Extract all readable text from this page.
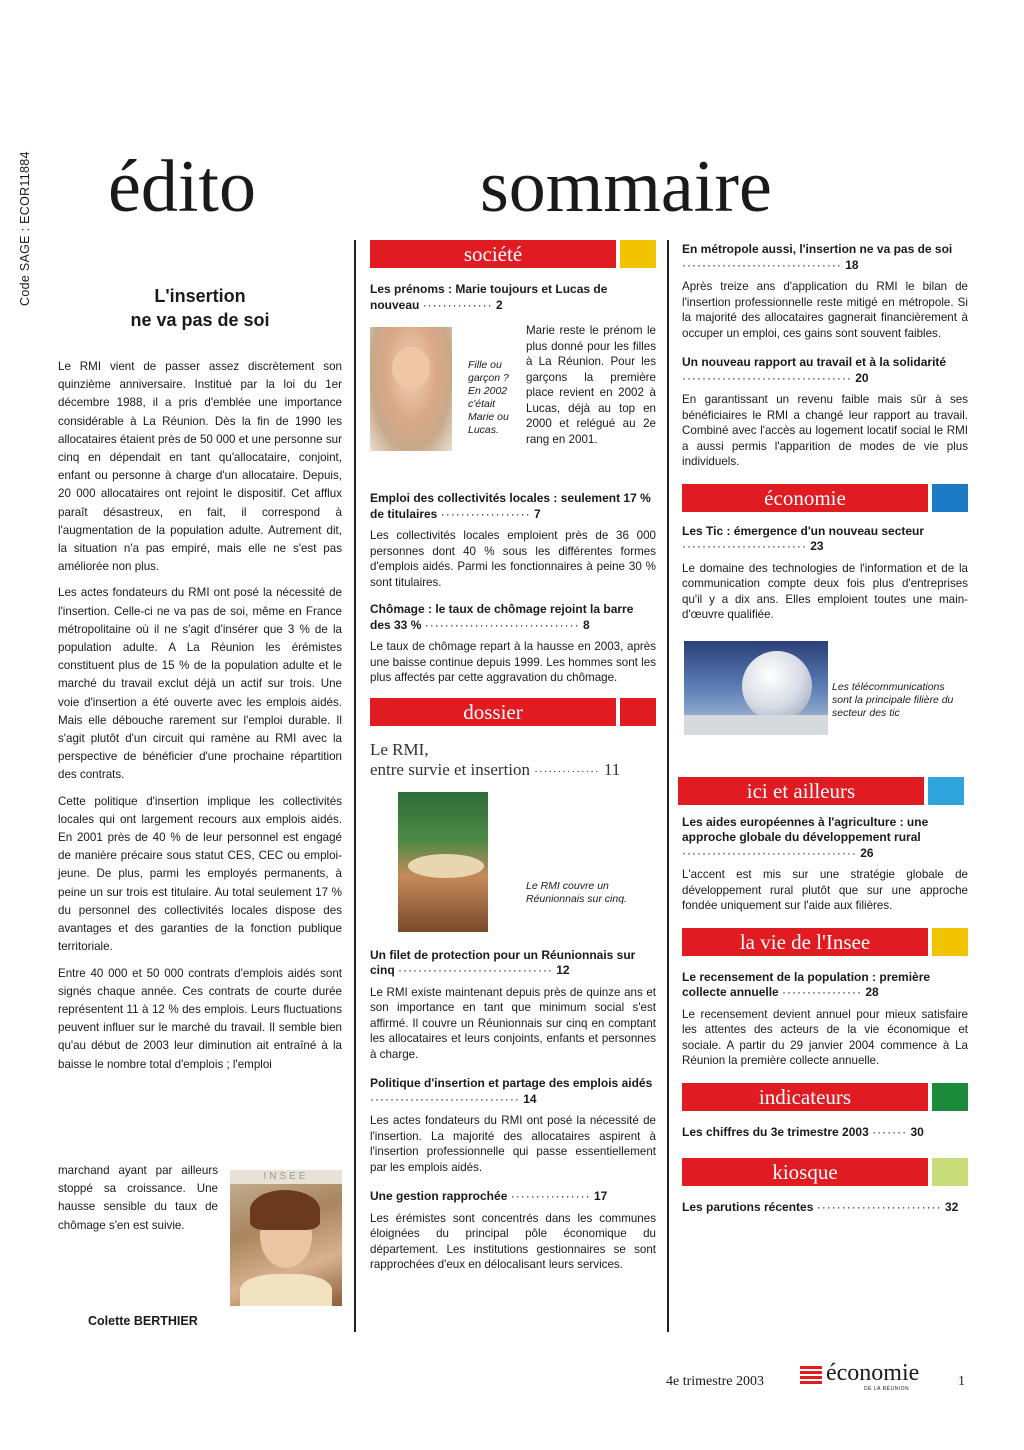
Code SAGE : ECOR11884 édito	sommaire

L'insertion

ne va pas de soi

Le RMI vient de passer assez discrètement son quinzième anniversaire. Institué par la loi du 1er décembre 1988, il a pris d'emblée une importance considérable à La Réunion. Dès la fin de 1990 les allocataires étaient près de 50 000 et une personne sur cinq en dépendait en tant qu'allocataire, conjoint, enfant ou personne à charge d'un allocataire. Depuis, 20 000 allocataires ont rejoint le dispositif. Cet afflux paraît désastreux, en fait, il correspond à l'augmentation de la population adulte. Autrement dit, la situation n'a pas empiré, mais elle ne s'est pas améliorée non plus.

Les actes fondateurs du RMI ont posé la nécessité de l'insertion. Celle-ci ne va pas de soi, même en France métropolitaine où il ne s'agit d'insérer que 3 % de la population adulte. A La Réunion les érémistes constituent plus de 15 % de la population adulte et le marché du travail exclut déjà un actif sur trois. Une voie d'insertion a été ouverte avec les emplois aidés. Mais elle débouche rarement sur l'emploi durable. Il s'agit plutôt d'un circuit qui ramène au RMI avec la perspective de bénéficier d'une prochaine répartition des contrats.

Cette politique d'insertion implique les collectivités locales qui ont largement recours aux emplois aidés. En 2001 près de 40 % de leur personnel est engagé de manière précaire sous statut CES, CEC ou emploi-jeune. De plus, parmi les employés permanents, à peine un sur trois est titulaire. Au total seulement 17 % du personnel des collectivités locales dispose des avantages et des garanties de la fonction publique territoriale.

Entre 40 000 et 50 000 contrats d'emplois aidés sont signés chaque année. Ces contrats de courte durée représentent 11 à 12 % des emplois. Leurs fluctuations peuvent influer sur le marché du travail. Il semble bien qu'au début de 2003 leur diminution ait entraîné à la baisse le nombre total d'emplois ; l'emploi

marchand ayant par ailleurs stoppé sa croissance. Une hausse sensible du taux de chômage s'en est suivie.

INSEE
Colette BERTHIER
société

Les prénoms : Marie toujours et Lucas de nouveau ·············· 2

Fille ou garçon ? En 2002 c'était Marie ou Lucas.

Marie reste le prénom le plus donné pour les filles à La Réunion. Pour les garçons la première place revient en 2002 à Lucas, déjà au top en 2000 et relégué au 2e rang en 2001.

Emploi des collectivités locales : seulement 17 % de titulaires ·················· 7

Les collectivités locales emploient près de 36 000 personnes dont 40 % sous les différentes formes d'emplois aidés. Parmi les fonctionnaires à peine 30 % sont titulaires.

Chômage : le taux de chômage rejoint la barre des 33 % ······························· 8

Le taux de chômage repart à la hausse en 2003, après une baisse continue depuis 1999. Les hommes sont les plus affectés par cette aggravation du chômage.

dossier
Le RMI,
entre survie et insertion ·············· 11

Le RMI couvre un Réunionnais sur cinq.

Un filet de protection pour un Réunionnais sur cinq ······························· 12

Le RMI existe maintenant depuis près de quinze ans et son importance en tant que minimum social s'est affirmé. Il couvre un Réunionnais sur cinq en comptant les allocataires et leurs conjoints, enfants et personnes à charge.

Politique d'insertion et partage des emplois aidés ······························ 14

Les actes fondateurs du RMI ont posé la nécessité de l'insertion. La majorité des allocataires aspirent à l'insertion professionnelle qui passe essentiellement par les emplois aidés.

Une gestion rapprochée ················ 17

Les érémistes sont concentrés dans les communes éloignées du principal pôle économique du département. Les institutions gestionnaires se sont rapprochées d'eux en délocalisant leurs services.

En métropole aussi, l'insertion ne va pas de soi ································ 18

Après treize ans d'application du RMI le bilan de l'insertion professionnelle reste mitigé en métropole. Si la majorité des allocataires gagnerait financièrement à occuper un emploi, ces gains sont souvent faibles.

Un nouveau rapport au travail et à la solidarité ·································· 20

En garantissant un revenu faible mais sûr à ses bénéficiaires le RMI a changé leur rapport au travail. Combiné avec l'accès au logement locatif social le RMI a aussi permis l'apparition de modes de vie plus individuels.

économie

Les Tic : émergence d'un nouveau secteur ························· 23

Le domaine des technologies de l'information et de la communication compte deux fois plus d'entreprises qu'il y a dix ans. Elles emploient toutes une main-d'œuvre qualifiée.

Les télécommunications sont la principale filière du secteur des tic

ici et ailleurs

Les aides européennes à l'agriculture : une approche globale du développement rural ··································· 26

L'accent est mis sur une stratégie globale de développement rural plutôt que sur une approche fondée uniquement sur l'aide aux filières.

la vie de l'Insee

Le recensement de la population : première collecte annuelle ················ 28

Le recensement devient annuel pour mieux satisfaire les attentes des acteurs de la vie économique et sociale. A partir du 29 janvier 2004 commence à La Réunion la première collecte annuelle.

indicateurs

Les chiffres du 3e trimestre 2003 ······· 30

kiosque

Les parutions récentes ························· 32

4e trimestre 2003	économie
DE LA RÉUNION	1
